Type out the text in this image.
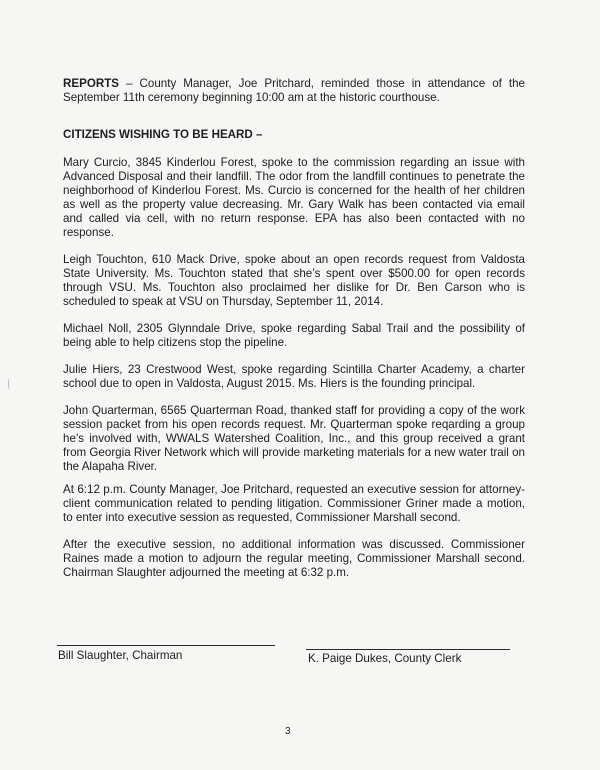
REPORTS – County Manager, Joe Pritchard, reminded those in attendance of the September 11th ceremony beginning 10:00 am at the historic courthouse.

CITIZENS WISHING TO BE HEARD –

Mary Curcio, 3845 Kinderlou Forest, spoke to the commission regarding an issue with Advanced Disposal and their landfill. The odor from the landfill continues to penetrate the neighborhood of Kinderlou Forest. Ms. Curcio is concerned for the health of her children as well as the property value decreasing. Mr. Gary Walk has been contacted via email and called via cell, with no return response. EPA has also been contacted with no response.

Leigh Touchton, 610 Mack Drive, spoke about an open records request from Valdosta State University. Ms. Touchton stated that she’s spent over $500.00 for open records through VSU. Ms. Touchton also proclaimed her dislike for Dr. Ben Carson who is scheduled to speak at VSU on Thursday, September 11, 2014.

Michael Noll, 2305 Glynndale Drive, spoke regarding Sabal Trail and the possibility of being able to help citizens stop the pipeline.

Julie Hiers, 23 Crestwood West, spoke regarding Scintilla Charter Academy, a charter school due to open in Valdosta, August 2015. Ms. Hiers is the founding principal.

John Quarterman, 6565 Quarterman Road, thanked staff for providing a copy of the work session packet from his open records request. Mr. Quarterman spoke reqarding a group he’s involved with, WWALS Watershed Coalition, Inc., and this group received a grant from Georgia River Network which will provide marketing materials for a new water trail on the Alapaha River.

At 6:12 p.m. County Manager, Joe Pritchard, requested an executive session for attorney-client communication related to pending litigation. Commissioner Griner made a motion, to enter into executive session as requested, Commissioner Marshall second.

After the executive session, no additional information was discussed. Commissioner Raines made a motion to adjourn the regular meeting, Commissioner Marshall second. Chairman Slaughter adjourned the meeting at 6:32 p.m.

Bill Slaughter, Chairman	K. Paige Dukes, County Clerk
3
